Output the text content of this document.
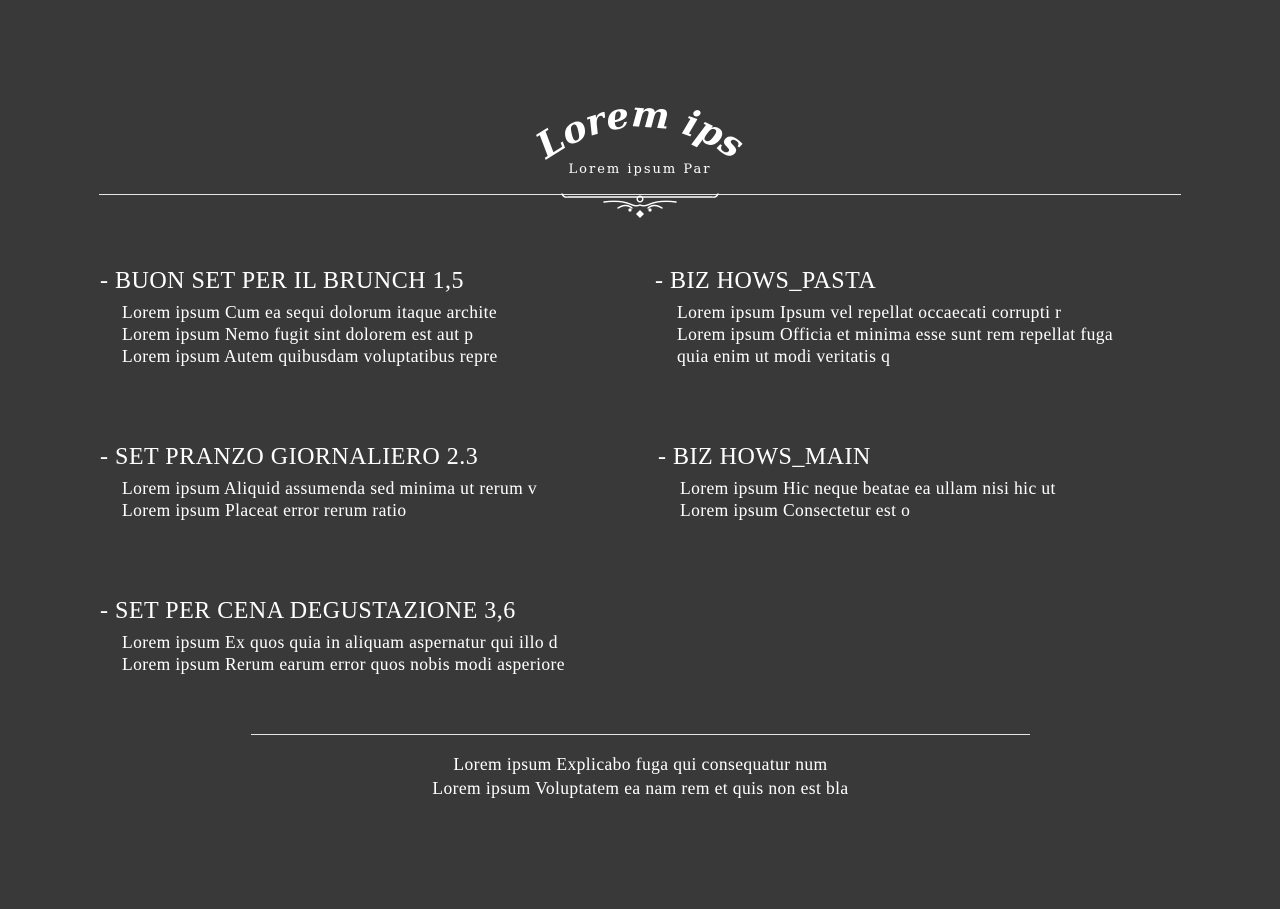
Lorem ips
Lorem ipsum Par
- BUON SET PER IL BRUNCH 1,5
Lorem ipsum Cum ea sequi dolorum itaque archite
Lorem ipsum Nemo fugit sint dolorem est aut p
Lorem ipsum Autem quibusdam voluptatibus repre
- BIZ HOWS_PASTA
Lorem ipsum Ipsum vel repellat occaecati corrupti r
Lorem ipsum Officia et minima esse sunt rem repellat fuga
quia enim ut modi veritatis q
- SET PRANZO GIORNALIERO 2.3
Lorem ipsum Aliquid assumenda sed minima ut rerum v
Lorem ipsum Placeat error rerum ratio
- BIZ HOWS_MAIN
Lorem ipsum Hic neque beatae ea ullam nisi hic ut
Lorem ipsum Consectetur est o
- SET PER CENA DEGUSTAZIONE 3,6
Lorem ipsum Ex quos quia in aliquam aspernatur qui illo d
Lorem ipsum Rerum earum error quos nobis modi asperiore
Lorem ipsum Explicabo fuga qui consequatur num
Lorem ipsum Voluptatem ea nam rem et quis non est bla
